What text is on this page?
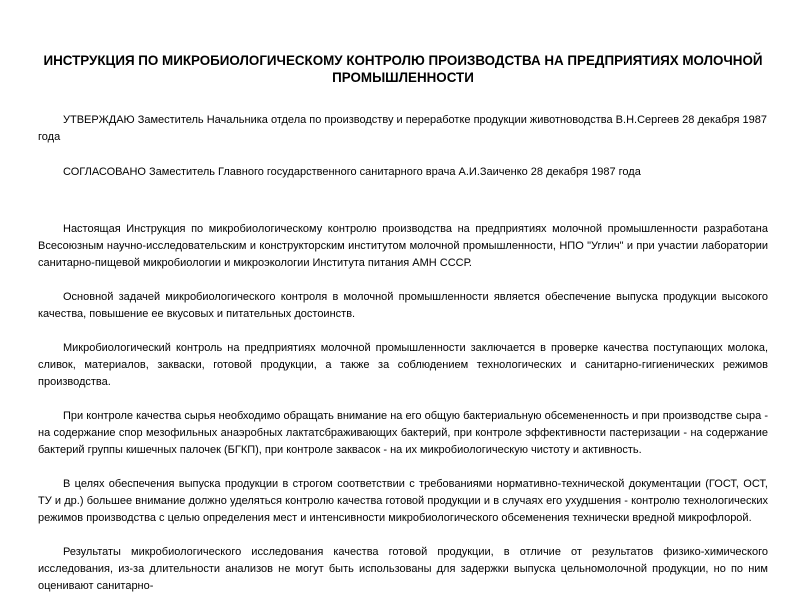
ИНСТРУКЦИЯ ПО МИКРОБИОЛОГИЧЕСКОМУ КОНТРОЛЮ ПРОИЗВОДСТВА НА ПРЕДПРИЯТИЯХ МОЛОЧНОЙ ПРОМЫШЛЕННОСТИ
УТВЕРЖДАЮ Заместитель Начальника отдела по производству и переработке продукции животноводства В.Н.Сергеев 28 декабря 1987 года
СОГЛАСОВАНО Заместитель Главного государственного санитарного врача А.И.Заиченко 28 декабря 1987 года
Настоящая Инструкция по микробиологическому контролю производства на предприятиях молочной промышленности разработана Всесоюзным научно-исследовательским и конструкторским институтом молочной промышленности, НПО "Углич" и при участии лаборатории санитарно-пищевой микробиологии и микроэкологии Института питания АМН СССР.
Основной задачей микробиологического контроля в молочной промышленности является обеспечение выпуска продукции высокого качества, повышение ее вкусовых и питательных достоинств.
Микробиологический контроль на предприятиях молочной промышленности заключается в проверке качества поступающих молока, сливок, материалов, закваски, готовой продукции, а также за соблюдением технологических и санитарно-гигиенических режимов производства.
При контроле качества сырья необходимо обращать внимание на его общую бактериальную обсемененность и при производстве сыра - на содержание спор мезофильных анаэробных лактатсбраживающих бактерий, при контроле эффективности пастеризации - на содержание бактерий группы кишечных палочек (БГКП), при контроле заквасок - на их микробиологическую чистоту и активность.
В целях обеспечения выпуска продукции в строгом соответствии с требованиями нормативно-технической документации (ГОСТ, ОСТ, ТУ и др.) большее внимание должно уделяться контролю качества готовой продукции и в случаях его ухудшения - контролю технологических режимов производства с целью определения мест и интенсивности микробиологического обсеменения технически вредной микрофлорой.
Результаты микробиологического исследования качества готовой продукции, в отличие от результатов физико-химического исследования, из-за длительности анализов не могут быть использованы для задержки выпуска цельномолочной продукции, но по ним оценивают санитарно-
